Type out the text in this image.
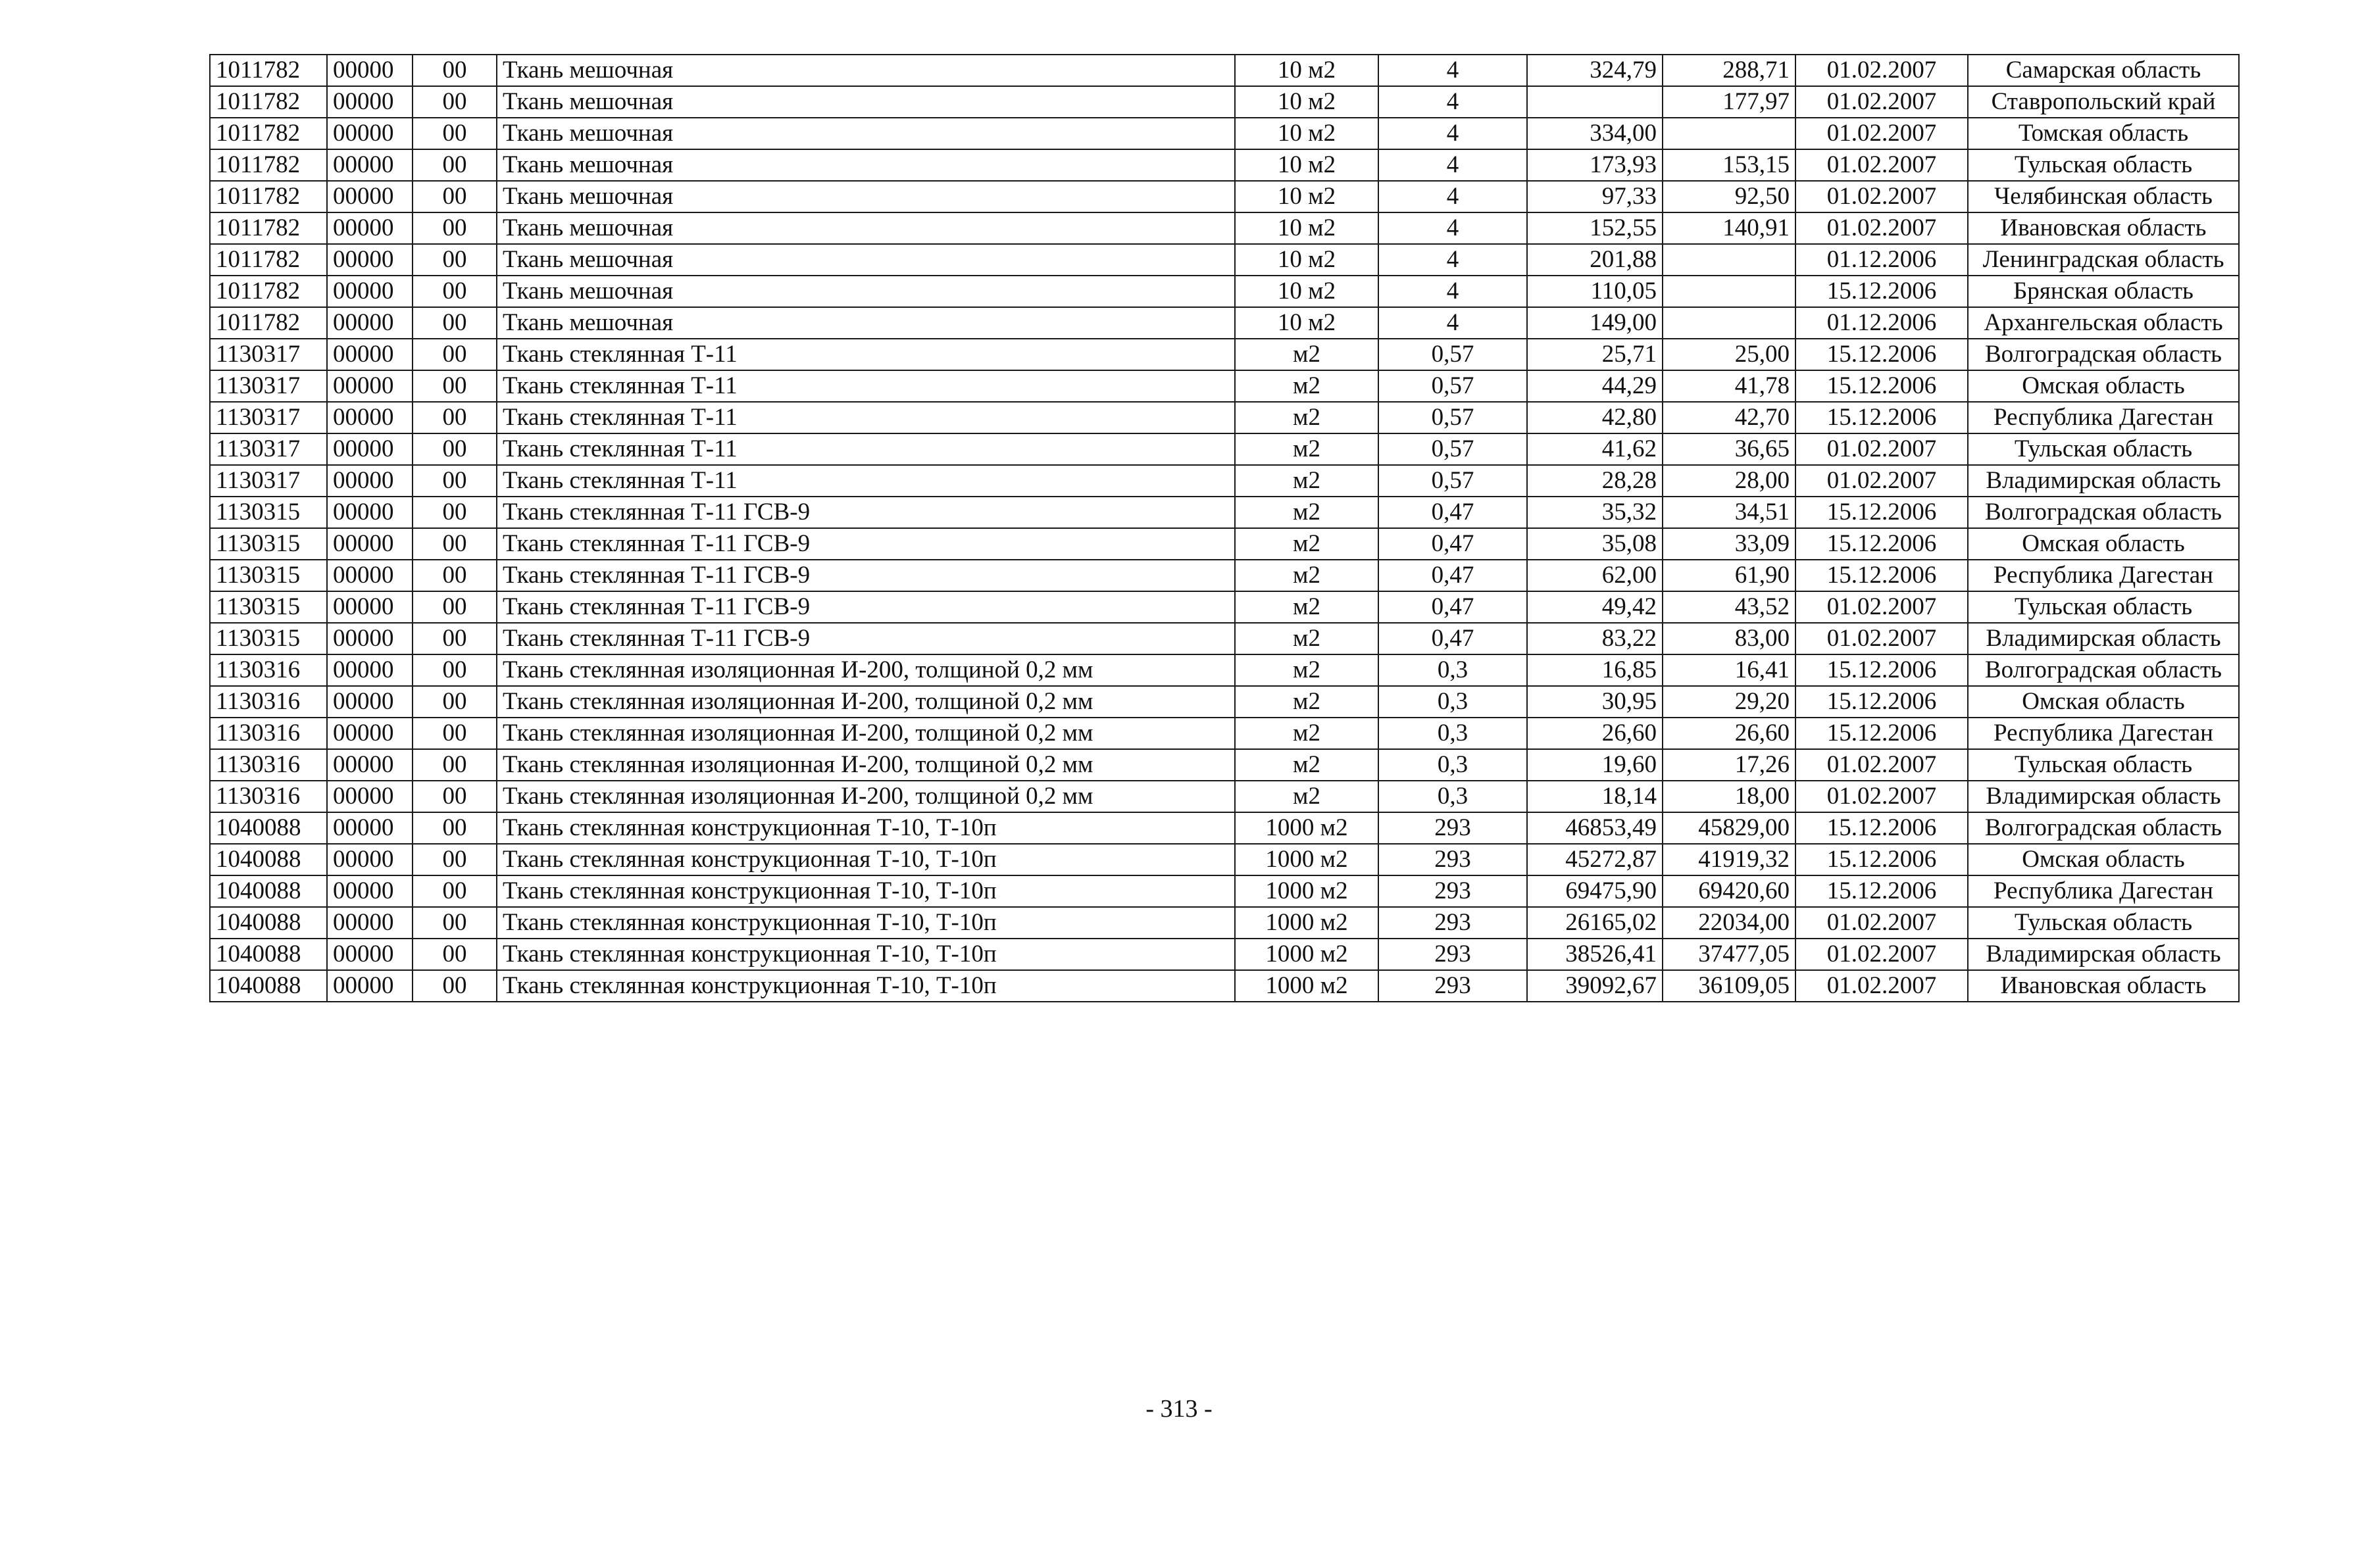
1011782	00000	00	Ткань мешочная	10 м2	4	324,79	288,71	01.02.2007	Самарская область
1011782	00000	00	Ткань мешочная	10 м2	4		177,97	01.02.2007	Ставропольский край
1011782	00000	00	Ткань мешочная	10 м2	4	334,00		01.02.2007	Томская область
1011782	00000	00	Ткань мешочная	10 м2	4	173,93	153,15	01.02.2007	Тульская область
1011782	00000	00	Ткань мешочная	10 м2	4	97,33	92,50	01.02.2007	Челябинская область
1011782	00000	00	Ткань мешочная	10 м2	4	152,55	140,91	01.02.2007	Ивановская область
1011782	00000	00	Ткань мешочная	10 м2	4	201,88		01.12.2006	Ленинградская область
1011782	00000	00	Ткань мешочная	10 м2	4	110,05		15.12.2006	Брянская область
1011782	00000	00	Ткань мешочная	10 м2	4	149,00		01.12.2006	Архангельская область
1130317	00000	00	Ткань стеклянная Т-11	м2	0,57	25,71	25,00	15.12.2006	Волгоградская область
1130317	00000	00	Ткань стеклянная Т-11	м2	0,57	44,29	41,78	15.12.2006	Омская область
1130317	00000	00	Ткань стеклянная Т-11	м2	0,57	42,80	42,70	15.12.2006	Республика Дагестан
1130317	00000	00	Ткань стеклянная Т-11	м2	0,57	41,62	36,65	01.02.2007	Тульская область
1130317	00000	00	Ткань стеклянная Т-11	м2	0,57	28,28	28,00	01.02.2007	Владимирская область
1130315	00000	00	Ткань стеклянная Т-11 ГСВ-9	м2	0,47	35,32	34,51	15.12.2006	Волгоградская область
1130315	00000	00	Ткань стеклянная Т-11 ГСВ-9	м2	0,47	35,08	33,09	15.12.2006	Омская область
1130315	00000	00	Ткань стеклянная Т-11 ГСВ-9	м2	0,47	62,00	61,90	15.12.2006	Республика Дагестан
1130315	00000	00	Ткань стеклянная Т-11 ГСВ-9	м2	0,47	49,42	43,52	01.02.2007	Тульская область
1130315	00000	00	Ткань стеклянная Т-11 ГСВ-9	м2	0,47	83,22	83,00	01.02.2007	Владимирская область
1130316	00000	00	Ткань стеклянная изоляционная И-200, толщиной 0,2 мм	м2	0,3	16,85	16,41	15.12.2006	Волгоградская область
1130316	00000	00	Ткань стеклянная изоляционная И-200, толщиной 0,2 мм	м2	0,3	30,95	29,20	15.12.2006	Омская область
1130316	00000	00	Ткань стеклянная изоляционная И-200, толщиной 0,2 мм	м2	0,3	26,60	26,60	15.12.2006	Республика Дагестан
1130316	00000	00	Ткань стеклянная изоляционная И-200, толщиной 0,2 мм	м2	0,3	19,60	17,26	01.02.2007	Тульская область
1130316	00000	00	Ткань стеклянная изоляционная И-200, толщиной 0,2 мм	м2	0,3	18,14	18,00	01.02.2007	Владимирская область
1040088	00000	00	Ткань стеклянная конструкционная Т-10, Т-10п	1000 м2	293	46853,49	45829,00	15.12.2006	Волгоградская область
1040088	00000	00	Ткань стеклянная конструкционная Т-10, Т-10п	1000 м2	293	45272,87	41919,32	15.12.2006	Омская область
1040088	00000	00	Ткань стеклянная конструкционная Т-10, Т-10п	1000 м2	293	69475,90	69420,60	15.12.2006	Республика Дагестан
1040088	00000	00	Ткань стеклянная конструкционная Т-10, Т-10п	1000 м2	293	26165,02	22034,00	01.02.2007	Тульская область
1040088	00000	00	Ткань стеклянная конструкционная Т-10, Т-10п	1000 м2	293	38526,41	37477,05	01.02.2007	Владимирская область
1040088	00000	00	Ткань стеклянная конструкционная Т-10, Т-10п	1000 м2	293	39092,67	36109,05	01.02.2007	Ивановская область
- 313 -
